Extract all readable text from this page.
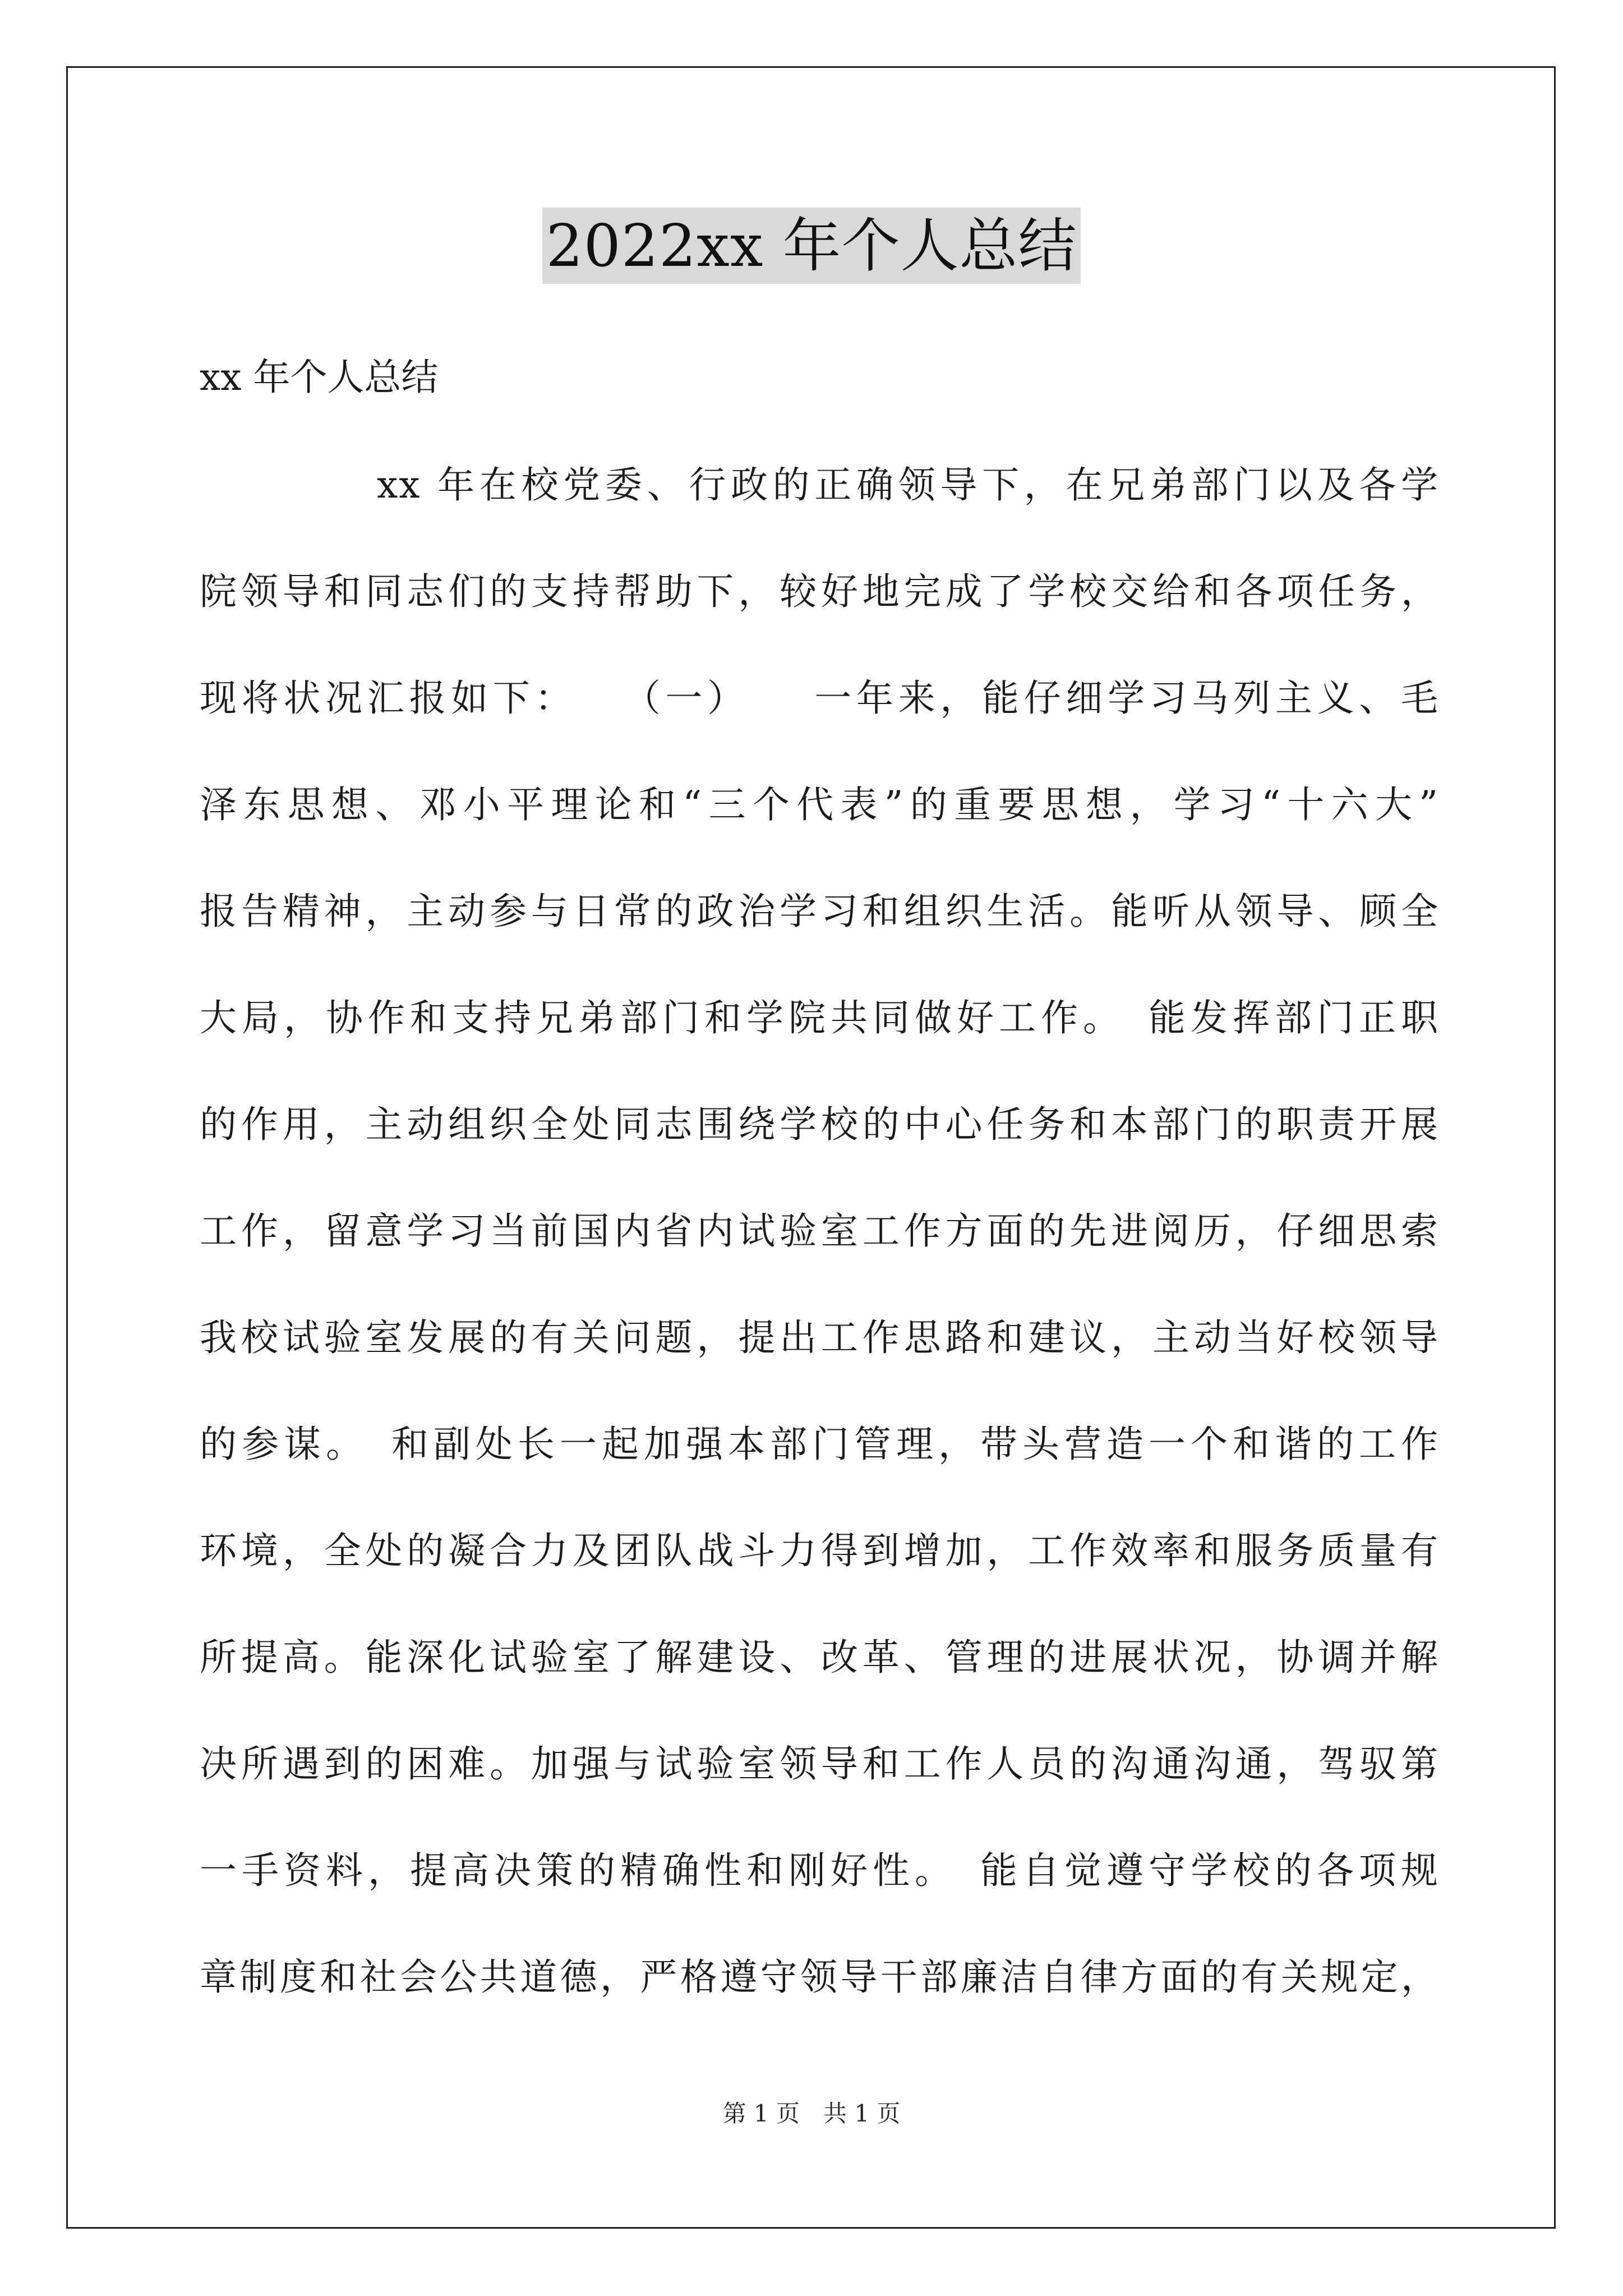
2022xx 年个人总结
xx 年个人总结
xx 年在校党委、行政的正确领导下，在兄弟部门以及各学
院领导和同志们的支持帮助下，较好地完成了学校交给和各项任务，
现将状况汇报如下：　　（一）　　一年来，能仔细学习马列主义、毛
泽东思想、邓小平理论和“三个代表”的重要思想，学习“十六大”
报告精神，主动参与日常的政治学习和组织生活。能听从领导、顾全
大局，协作和支持兄弟部门和学院共同做好工作。　能发挥部门正职
的作用，主动组织全处同志围绕学校的中心任务和本部门的职责开展
工作，留意学习当前国内省内试验室工作方面的先进阅历，仔细思索
我校试验室发展的有关问题，提出工作思路和建议，主动当好校领导
的参谋。　和副处长一起加强本部门管理，带头营造一个和谐的工作
环境，全处的凝合力及团队战斗力得到增加，工作效率和服务质量有
所提高。能深化试验室了解建设、改革、管理的进展状况，协调并解
决所遇到的困难。加强与试验室领导和工作人员的沟通沟通，驾驭第
一手资料，提高决策的精确性和刚好性。　能自觉遵守学校的各项规
章制度和社会公共道德，严格遵守领导干部廉洁自律方面的有关规定，
第 1 页　共 1 页
